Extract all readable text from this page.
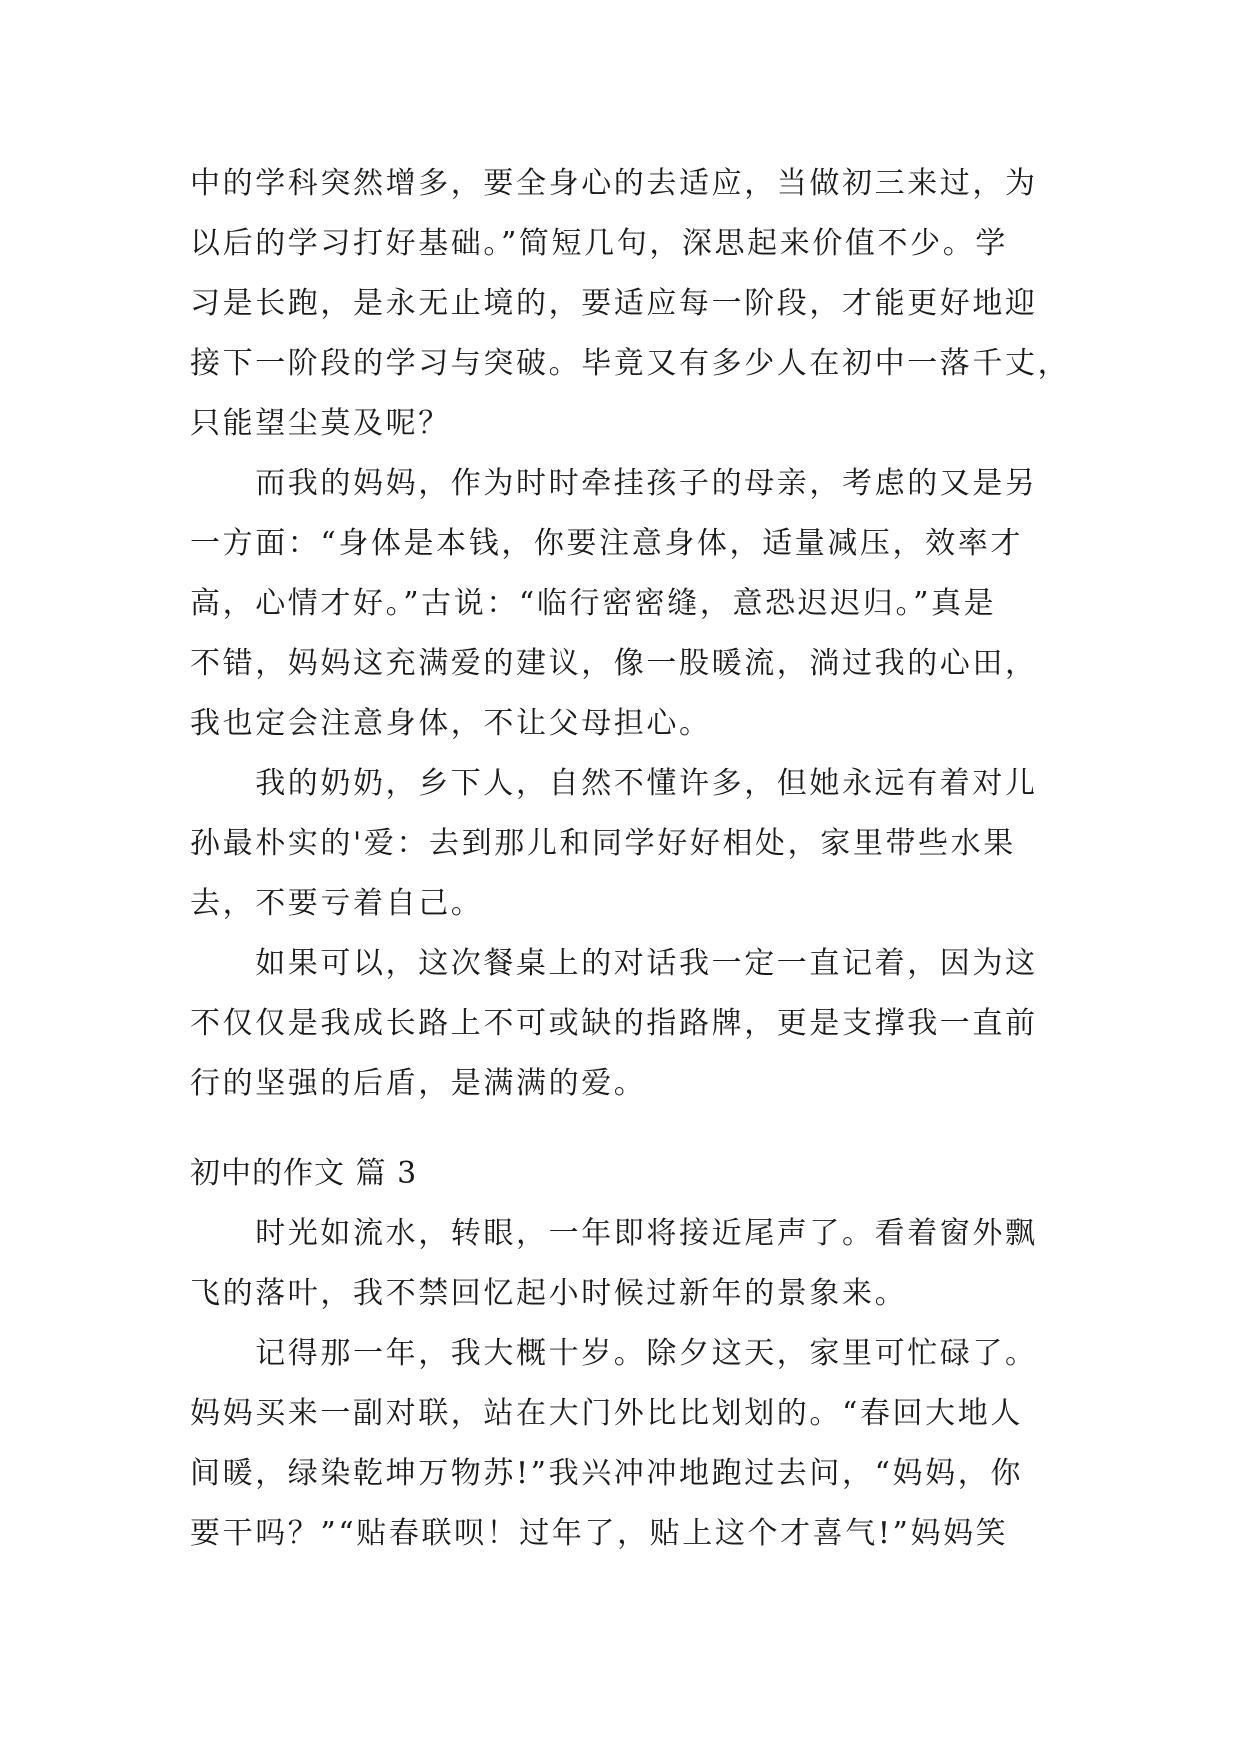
中的学科突然增多，要全身心的去适应，当做初三来过，为
以后的学习打好基础。”简短几句，深思起来价值不少。学
习是长跑，是永无止境的，要适应每一阶段，才能更好地迎
接下一阶段的学习与突破。毕竟又有多少人在初中一落千丈，
只能望尘莫及呢？
　　而我的妈妈，作为时时牵挂孩子的母亲，考虑的又是另
一方面：“身体是本钱，你要注意身体，适量减压，效率才
高，心情才好。”古说：“临行密密缝，意恐迟迟归。”真是
不错，妈妈这充满爱的建议，像一股暖流，淌过我的心田，
我也定会注意身体，不让父母担心。
　　我的奶奶，乡下人，自然不懂许多，但她永远有着对儿
孙最朴实的'爱：去到那儿和同学好好相处，家里带些水果
去，不要亏着自己。
　　如果可以，这次餐桌上的对话我一定一直记着，因为这
不仅仅是我成长路上不可或缺的指路牌，更是支撑我一直前
行的坚强的后盾，是满满的爱。
初中的作文 篇 3
　　时光如流水，转眼，一年即将接近尾声了。看着窗外飘
飞的落叶，我不禁回忆起小时候过新年的景象来。
　　记得那一年，我大概十岁。除夕这天，家里可忙碌了。
妈妈买来一副对联，站在大门外比比划划的。“春回大地人
间暖，绿染乾坤万物苏!”我兴冲冲地跑过去问，“妈妈，你
要干吗？”“贴春联呗！过年了，贴上这个才喜气!”妈妈笑
